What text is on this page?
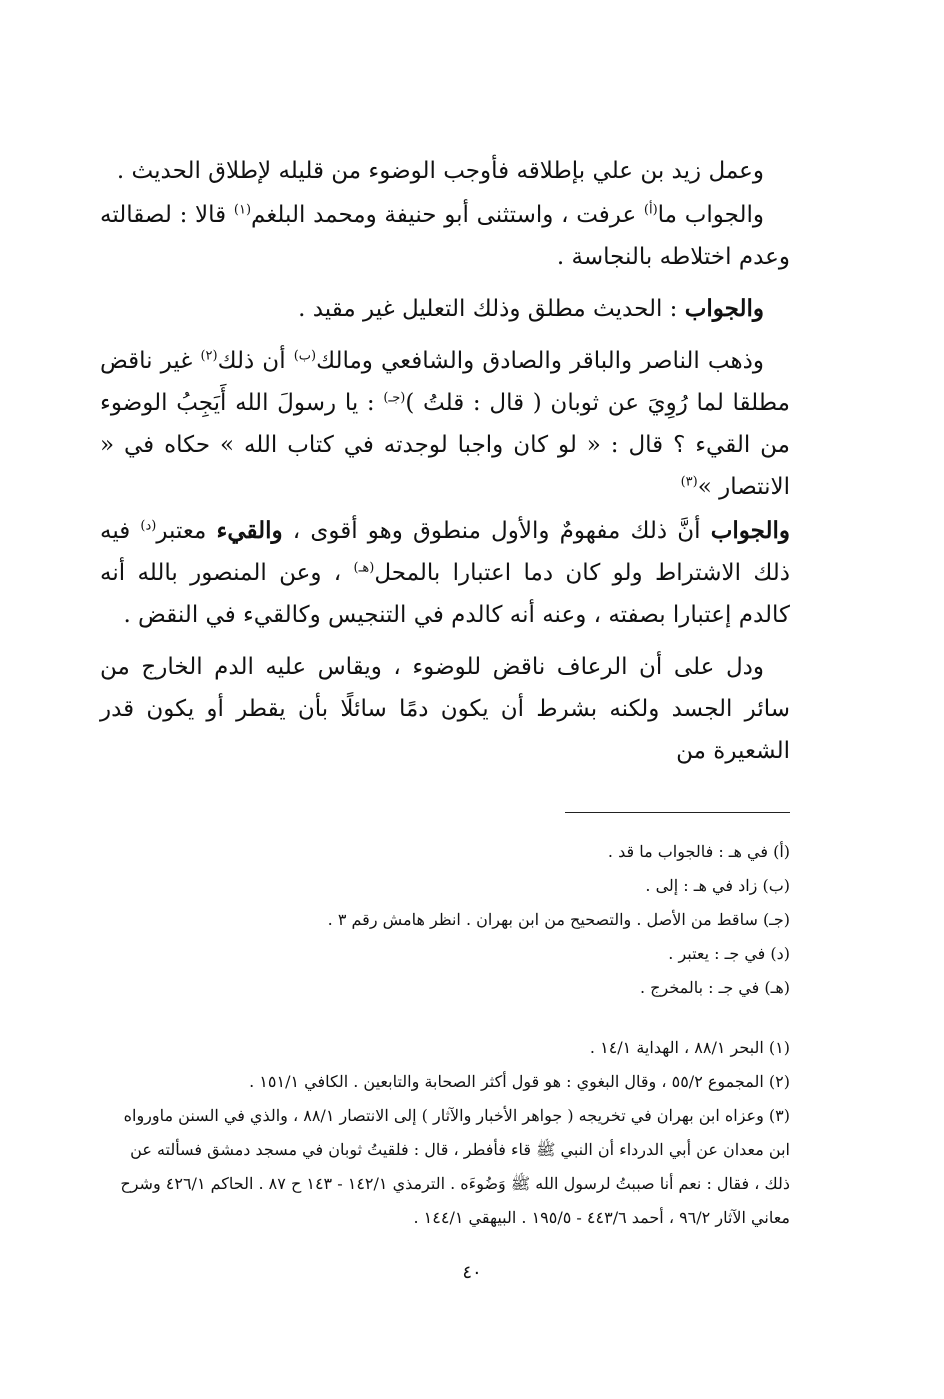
وعمل زيد بن علي بإطلاقه فأوجب الوضوء من قليله لإطلاق الحديث .

والجواب ما$^{(أ)}$ عرفت ، واستثنى أبو حنيفة ومحمد البلغم$^{(١)}$ قالا : لصقالته وعدم اختلاطه بالنجاسة .

والجواب : الحديث مطلق وذلك التعليل غير مقيد .

وذهب الناصر والباقر والصادق والشافعي ومالك$^{(ب)}$ أن ذلك$^{(٢)}$ غير ناقض مطلقا لما رُوِيَ عن ثوبان ( قال : قلتُ )$^{(جـ)}$ : يا رسولَ الله أَيَجِبُ الوضوء من القيء ؟ قال : « لو كان واجبا لوجدته في كتاب الله » حكاه في « الانتصار »$^{(٣)}$

والجواب أنَّ ذلك مفهومٌ والأول منطوق وهو أقوى ، والقيء معتبر$^{(د)}$ فيه ذلك الاشتراط ولو كان دما اعتبارا بالمحل$^{(هـ)}$ ، وعن المنصور بالله أنه كالدم إعتبارا بصفته ، وعنه أنه كالدم في التنجيس وكالقيء في النقض .

ودل على أن الرعاف ناقض للوضوء ، ويقاس عليه الدم الخارج من سائر الجسد ولكنه بشرط أن يكون دمًا سائلًا بأن يقطر أو يكون قدر الشعيرة من

(أ) في هـ : فالجواب ما قد .
(ب) زاد في هـ : إلى .
(جـ) ساقط من الأصل . والتصحيح من ابن بهران . انظر هامش رقم ٣ .
(د) في جـ : يعتبر .
(هـ) في جـ : بالمخرج .
(١) البحر ٨٨/١ ، الهداية ١٤/١ .
(٢) المجموع ٥٥/٢ ، وقال البغوي : هو قول أكثر الصحابة والتابعين . الكافي ١٥١/١ .
(٣) وعزاه ابن بهران في تخريجه ( جواهر الأخبار والآثار ) إلى الانتصار ٨٨/١ ، والذي في السنن ماورواه ابن معدان عن أبي الدرداء أن النبي ﷺ قاء فأفطر ، قال : فلقيتُ ثوبان في مسجد دمشق فسألته عن ذلك ، فقال : نعم أنا صببتُ لرسول الله ﷺ وَضُوءَه . الترمذي ١٤٢/١ - ١٤٣ ح ٨٧ . الحاكم ٤٢٦/١ وشرح معاني الآثار ٩٦/٢ ، أحمد ٤٤٣/٦ - ١٩٥/٥ . البيهقي ١٤٤/١ .
٤٠
